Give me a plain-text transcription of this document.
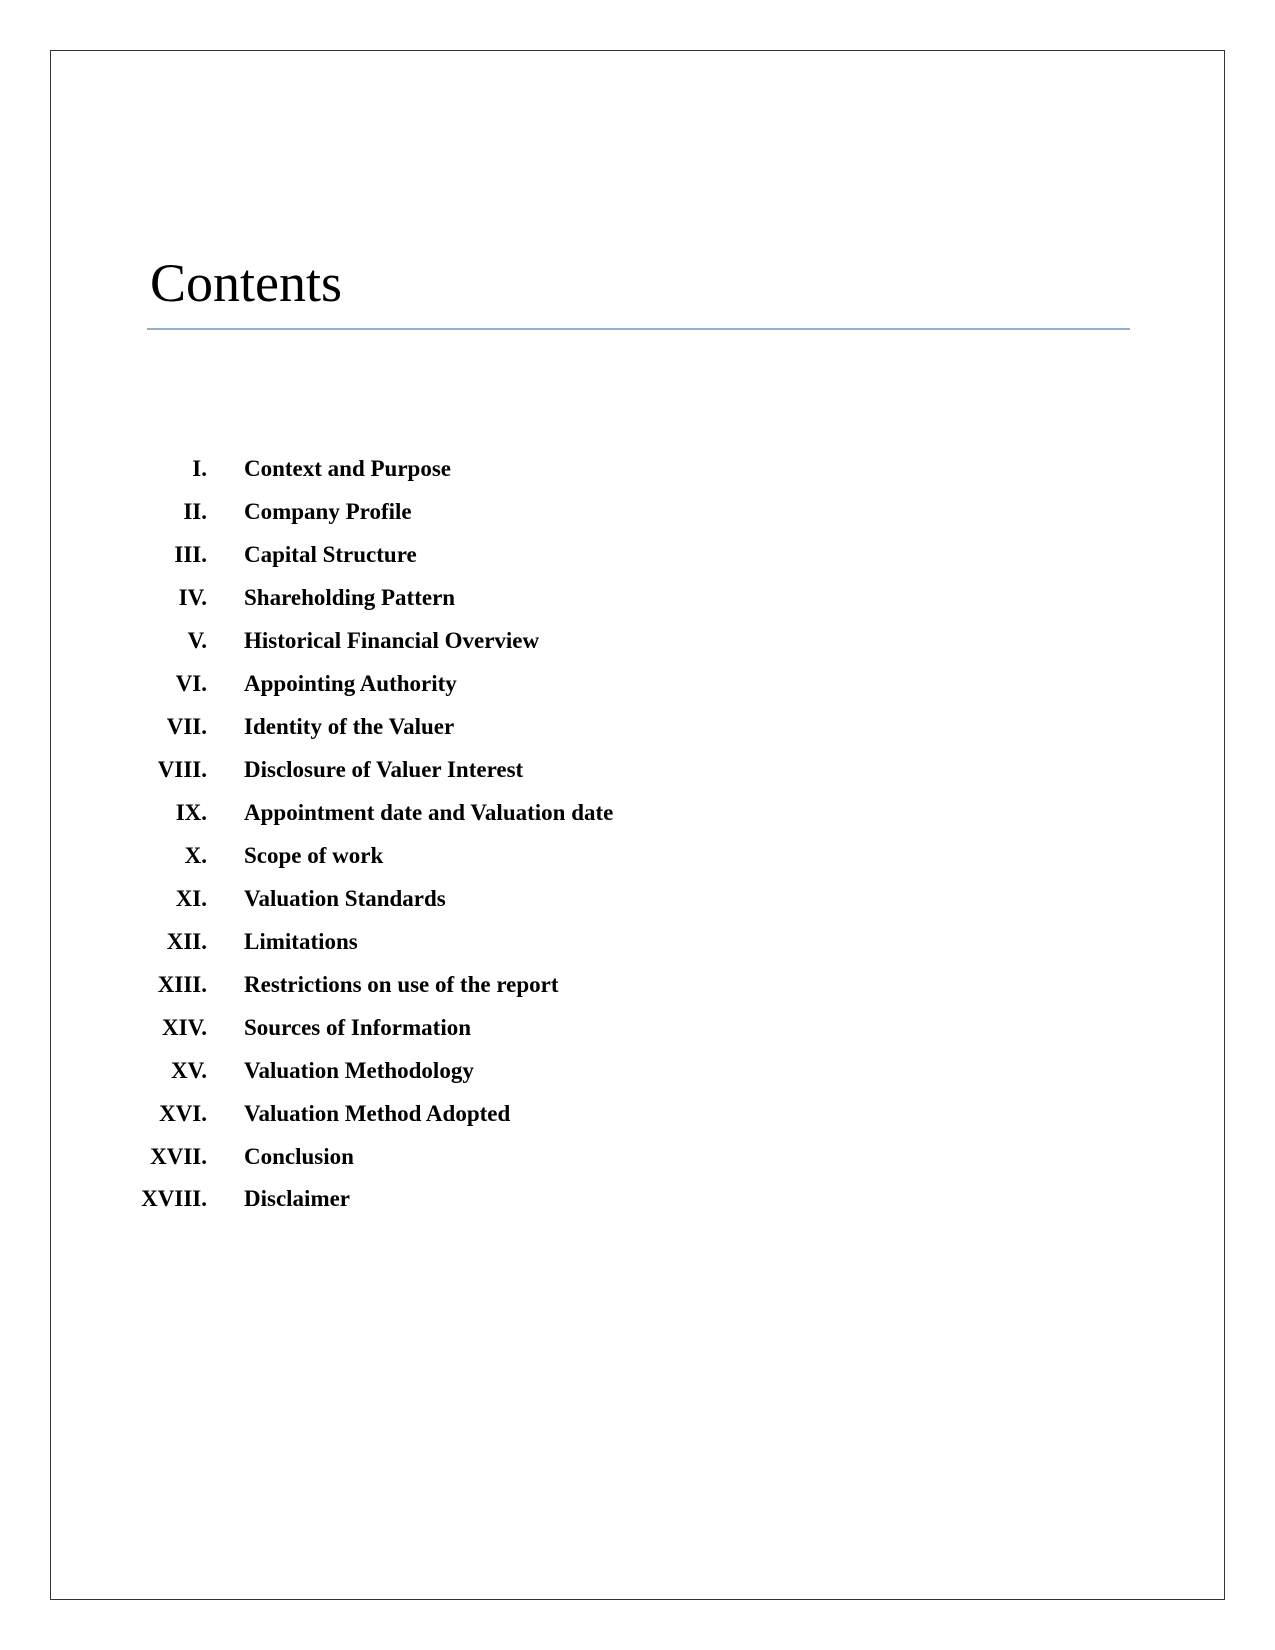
Contents
I. Context and Purpose
II. Company Profile
III. Capital Structure
IV. Shareholding Pattern
V. Historical Financial Overview
VI. Appointing Authority
VII. Identity of the Valuer
VIII. Disclosure of Valuer Interest
IX. Appointment date and Valuation date
X. Scope of work
XI. Valuation Standards
XII. Limitations
XIII. Restrictions on use of the report
XIV. Sources of Information
XV. Valuation Methodology
XVI. Valuation Method Adopted
XVII. Conclusion
XVIII. Disclaimer
